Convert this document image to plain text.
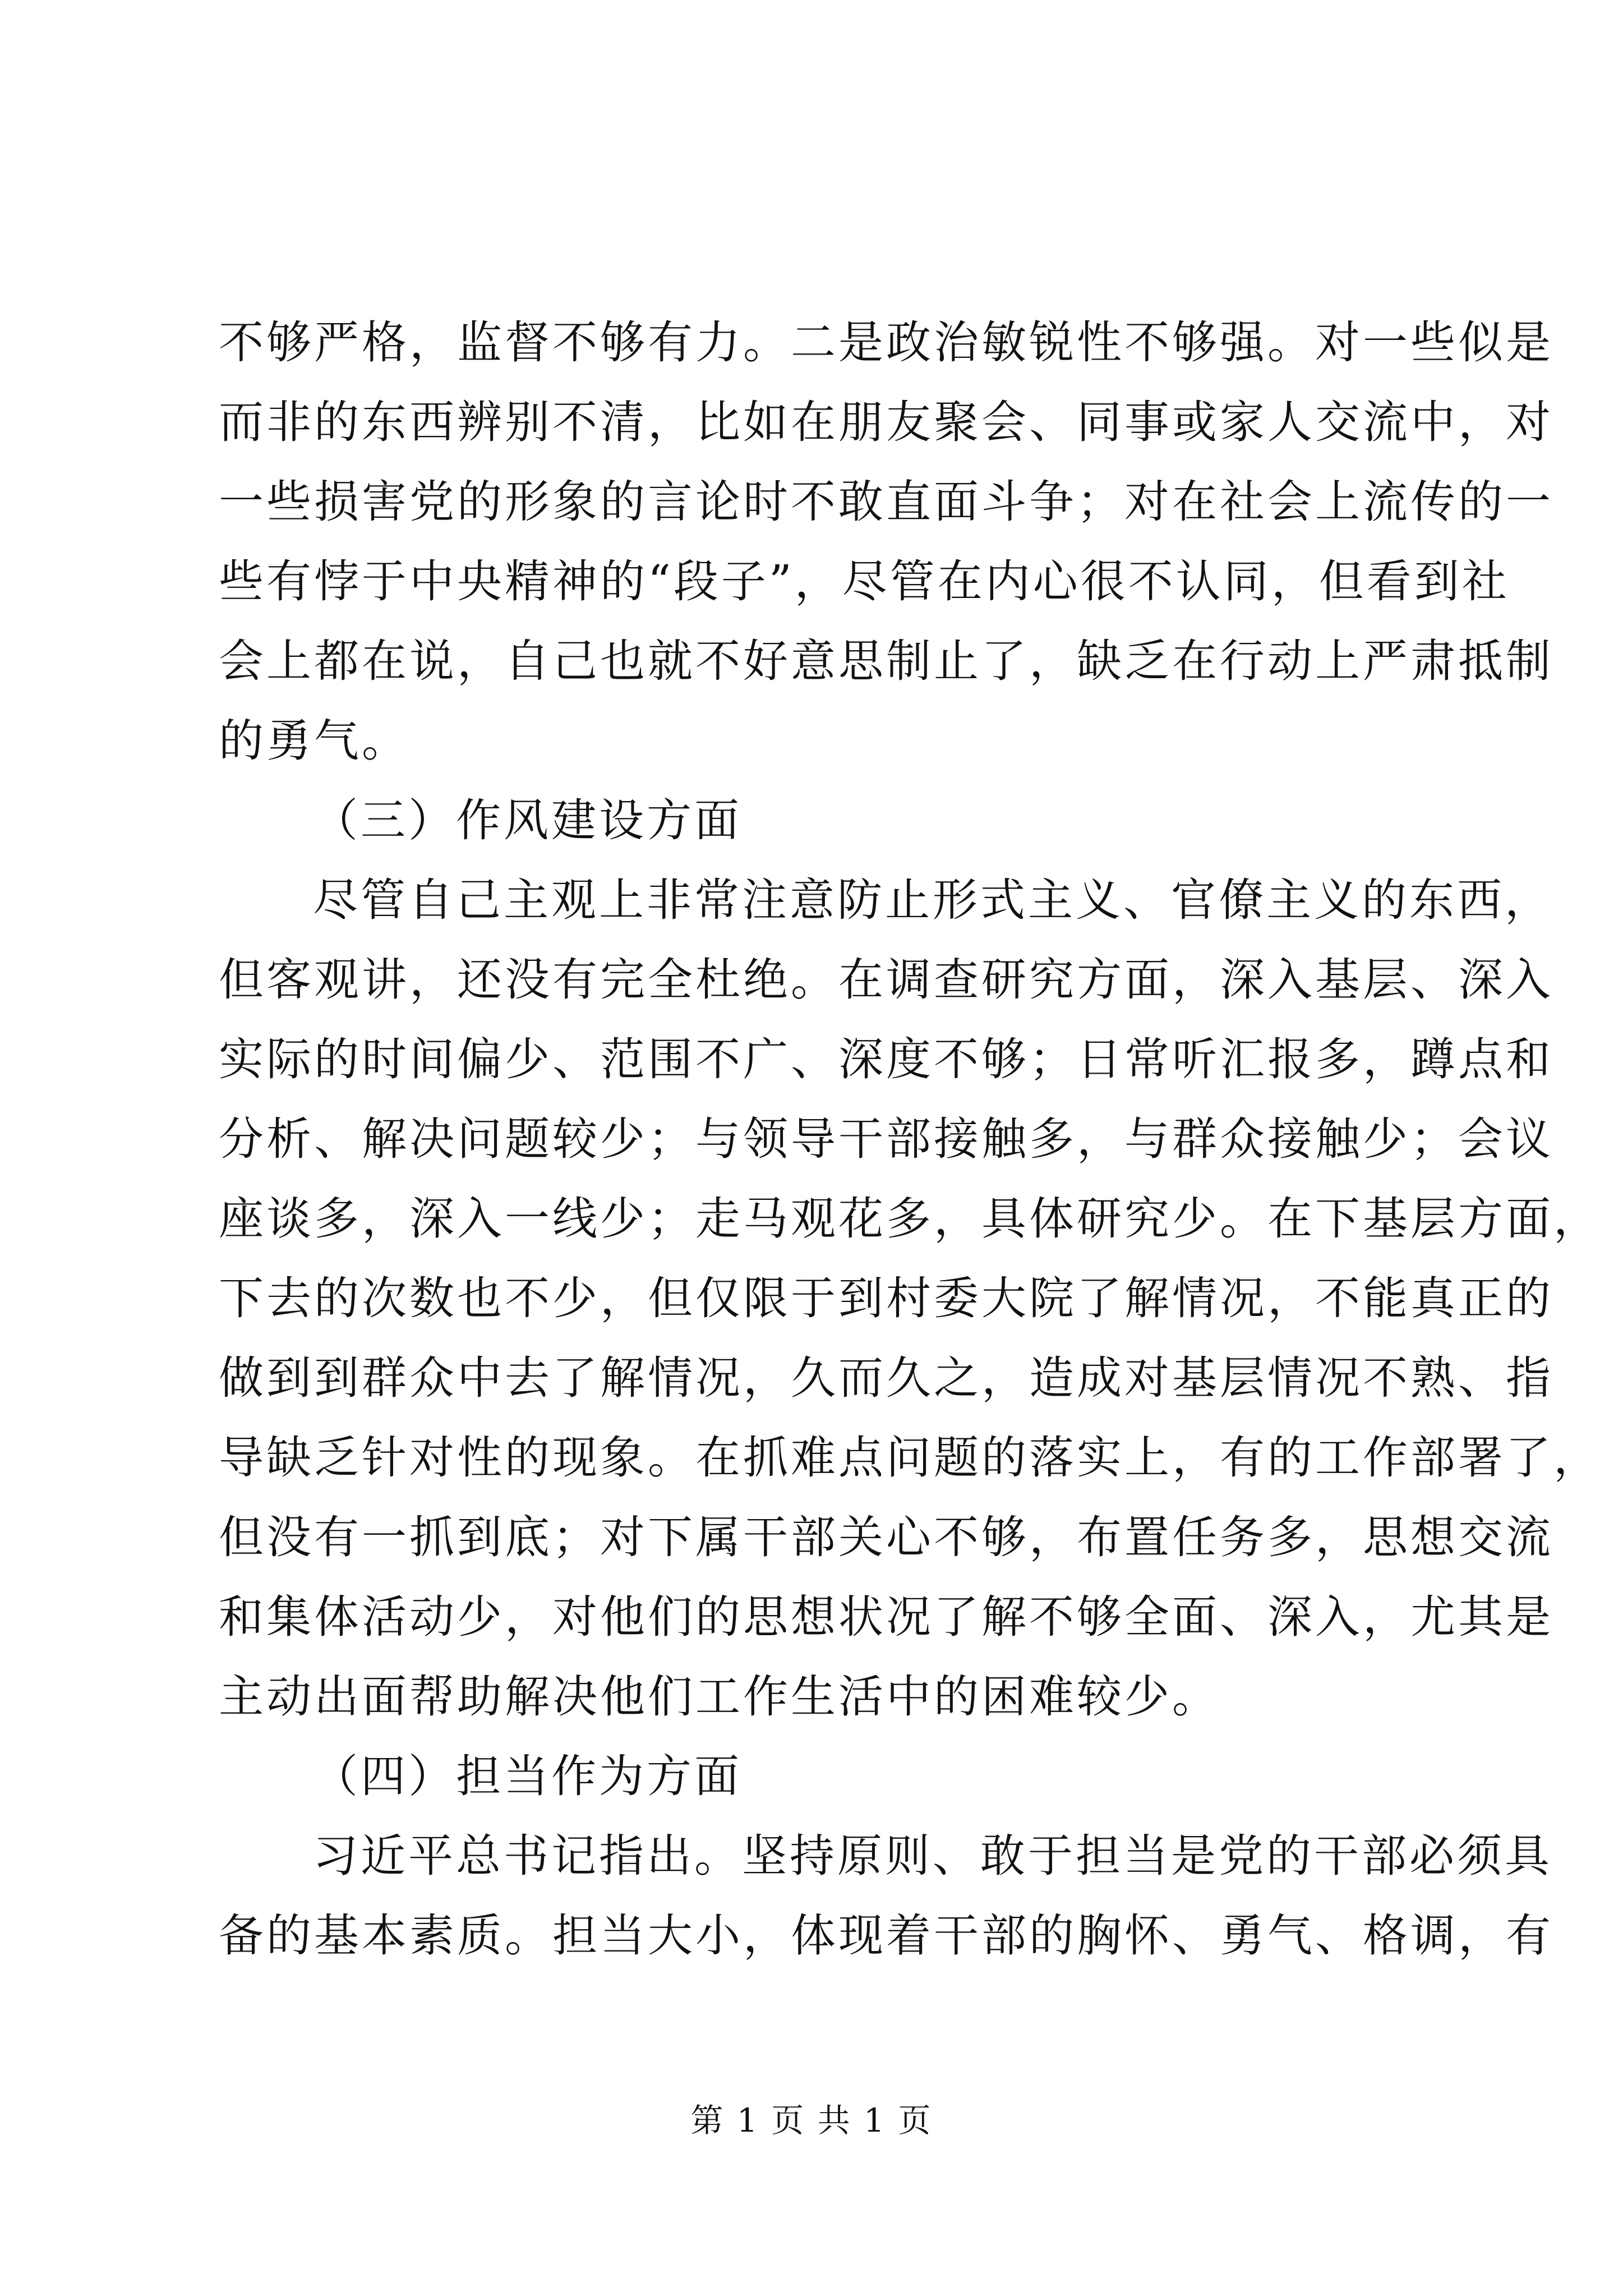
不够严格，监督不够有力。二是政治敏锐性不够强。对一些似是
而非的东西辨别不清，比如在朋友聚会、同事或家人交流中，对
一些损害党的形象的言论时不敢直面斗争；对在社会上流传的一
些有悖于中央精神的“段子”，尽管在内心很不认同，但看到社
会上都在说，自己也就不好意思制止了，缺乏在行动上严肃抵制
的勇气。
（三）作风建设方面
尽管自己主观上非常注意防止形式主义、官僚主义的东西，
但客观讲，还没有完全杜绝。在调查研究方面，深入基层、深入
实际的时间偏少、范围不广、深度不够；日常听汇报多，蹲点和
分析、解决问题较少；与领导干部接触多，与群众接触少；会议
座谈多，深入一线少；走马观花多，具体研究少。在下基层方面，
下去的次数也不少，但仅限于到村委大院了解情况，不能真正的
做到到群众中去了解情况，久而久之，造成对基层情况不熟、指
导缺乏针对性的现象。在抓难点问题的落实上，有的工作部署了，
但没有一抓到底；对下属干部关心不够，布置任务多，思想交流
和集体活动少，对他们的思想状况了解不够全面、深入，尤其是
主动出面帮助解决他们工作生活中的困难较少。
（四）担当作为方面
习近平总书记指出。坚持原则、敢于担当是党的干部必须具
备的基本素质。担当大小，体现着干部的胸怀、勇气、格调，有
第 1 页 共 1 页
